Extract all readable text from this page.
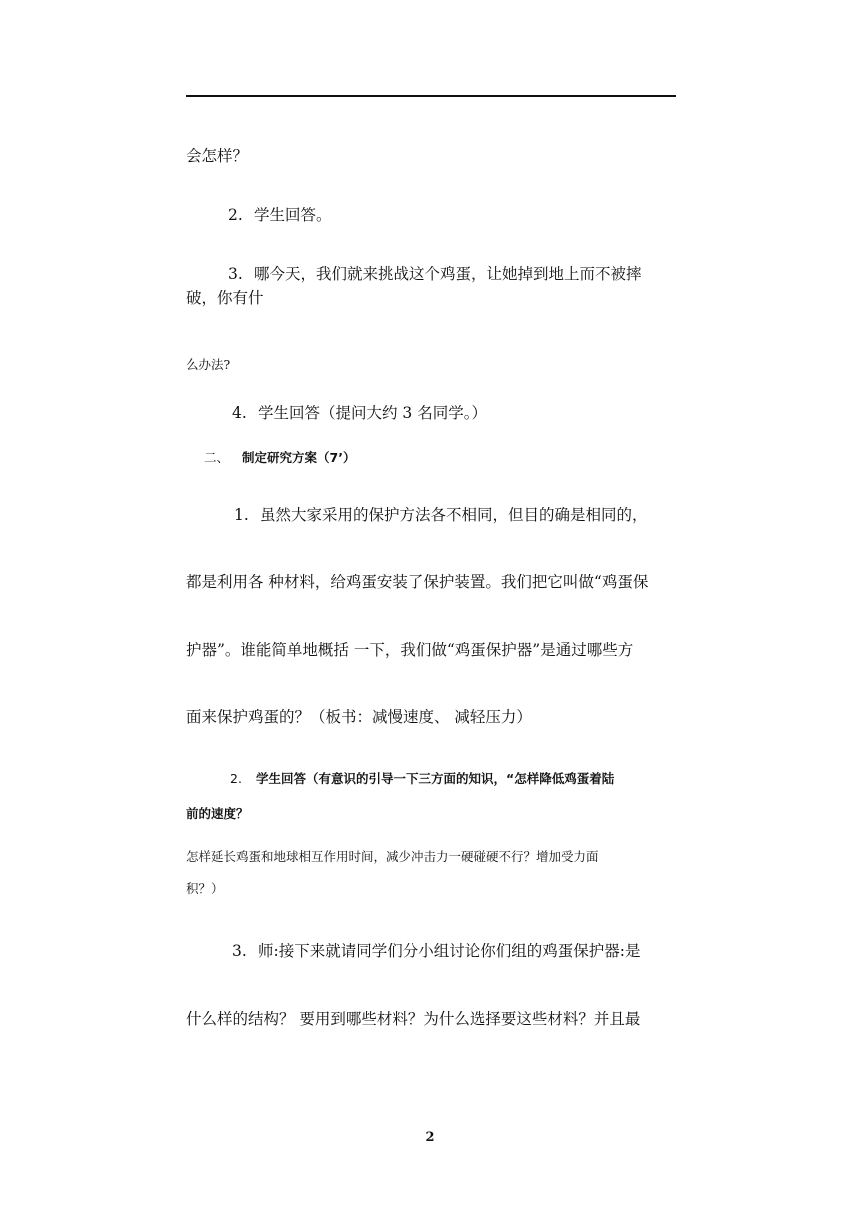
会怎样？
2. 学生回答。
3. 哪今天，我们就来挑战这个鸡蛋，让她掉到地上而不被摔
破，你有什
么办法?
4. 学生回答（提问大约 3 名同学。）
二、 制定研究方案（7’）
1. 虽然大家采用的保护方法各不相同，但目的确是相同的，
都是利用各 种材料，给鸡蛋安装了保护装置。我们把它叫做“鸡蛋保
护器”。谁能简单地概括 一下，我们做“鸡蛋保护器”是通过哪些方
面来保护鸡蛋的？（板书：减慢速度、 减轻压力）
2. 学生回答（有意识的引导一下三方面的知识，“怎样降低鸡蛋着陆
前的速度？
怎样延长鸡蛋和地球相互作用时间，减少冲击力一硬碰硬不行？增加受力面
积？）
3. 师:接下来就请同学们分小组讨论你们组的鸡蛋保护器:是
什么样的结构？ 要用到哪些材料？为什么选择要这些材料？并且最
2
